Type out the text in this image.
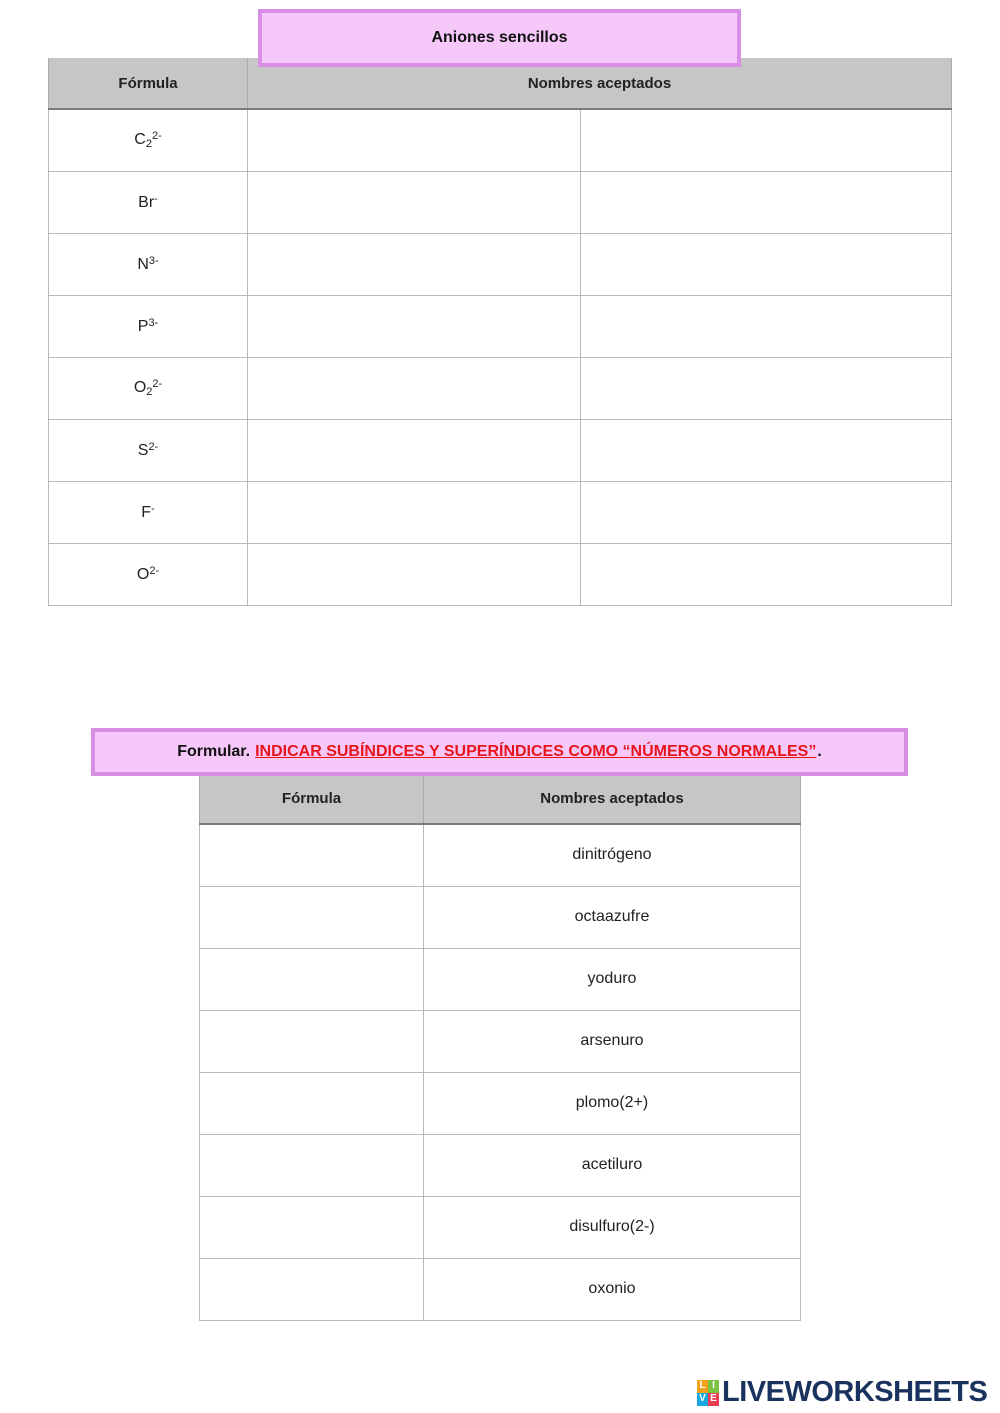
Aniones sencillos
Fórmula	Nombres aceptados	
$C_2^{2-}$		
Br-		
$N^{3-}$		
$P^{3-}$		
$O_2^{2-}$		
$S^{2-}$		
F-		
$O^{2-}$		
Formular. INDICAR SUBÍNDICES Y SUPERÍNDICES COMO “NÚMEROS NORMALES” .
Fórmula	Nombres aceptados
	dinitrógeno
	octaazufre
	yoduro
	arsenuro
	plomo(2+)
	acetiluro
	disulfuro(2-)
	oxonio
L I
V E LIVEWORKSHEETS
